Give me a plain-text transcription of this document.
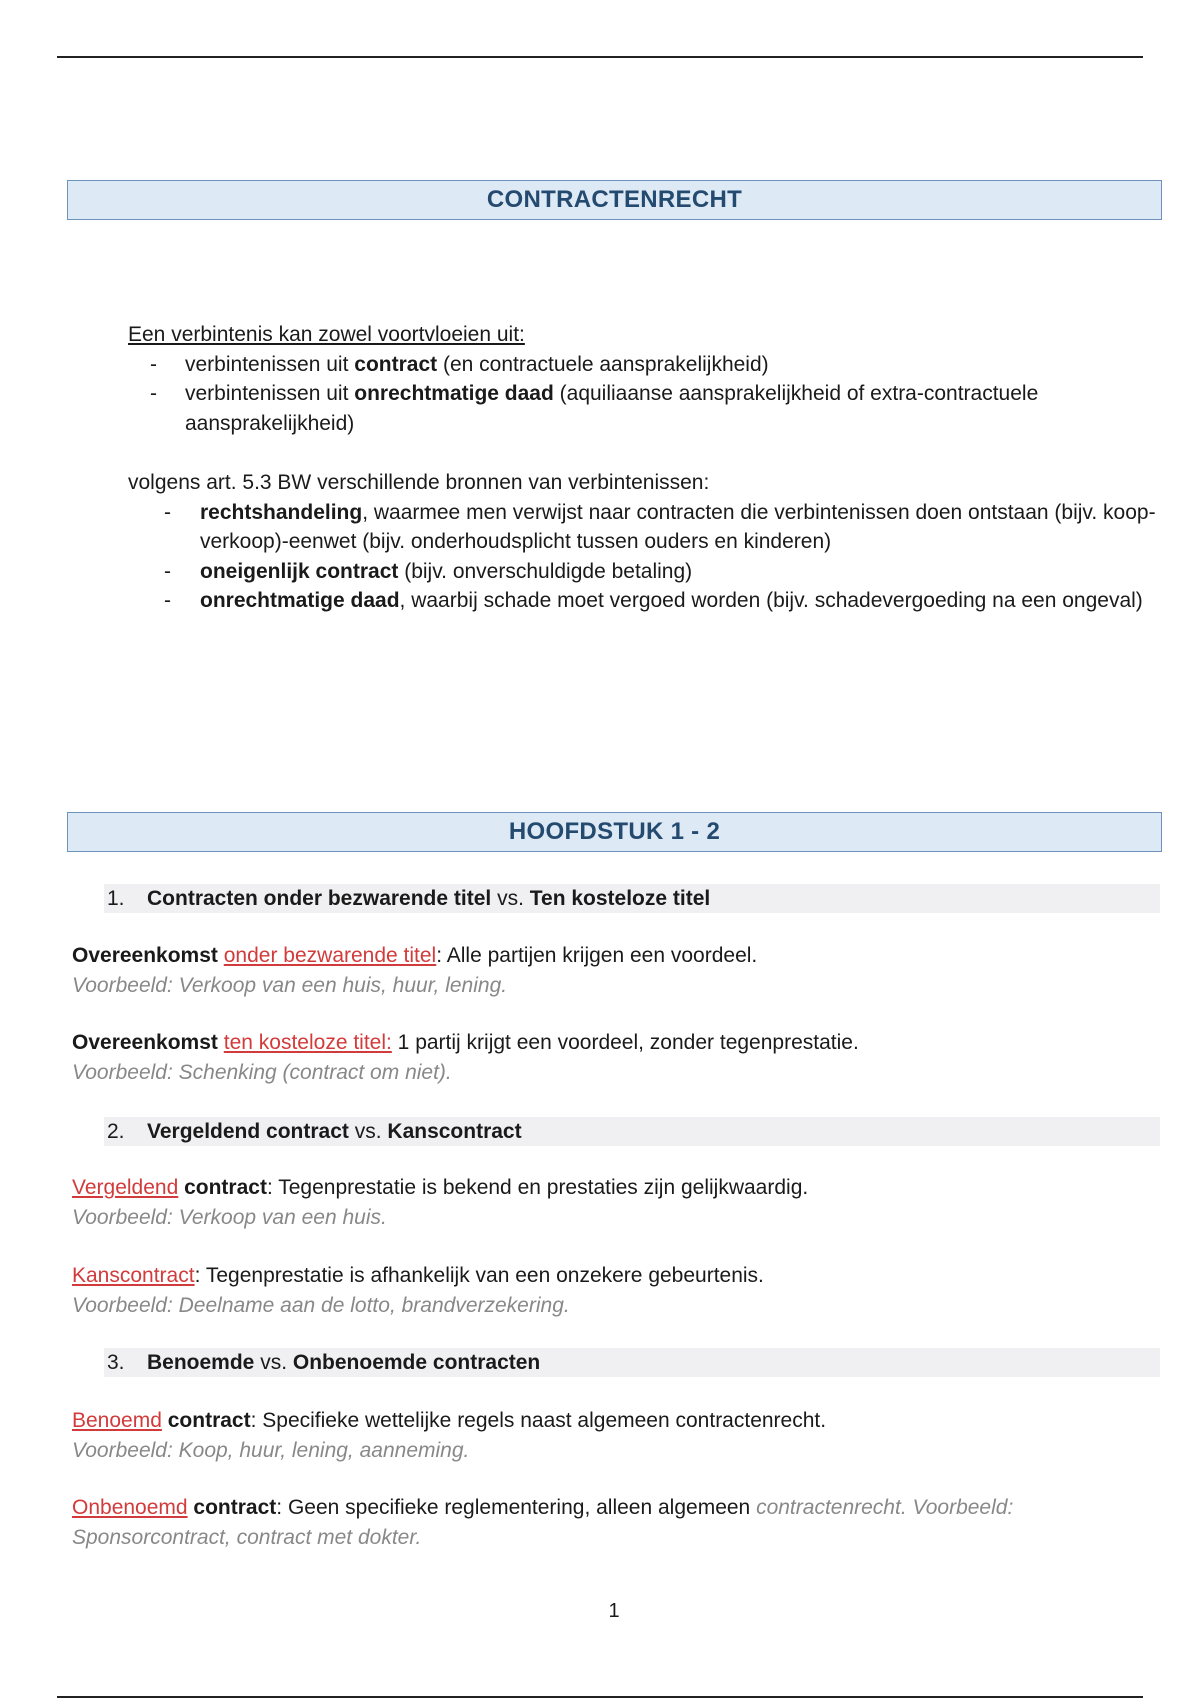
CONTRACTENRECHT
Een verbintenis kan zowel voortvloeien uit:
- verbintenissen uit contract (en contractuele aansprakelijkheid)
- verbintenissen uit onrechtmatige daad (aquiliaanse aansprakelijkheid of extra-contractuele aansprakelijkheid)
volgens art. 5.3 BW verschillende bronnen van verbintenissen:
- rechtshandeling, waarmee men verwijst naar contracten die verbintenissen doen ontstaan (bijv. koop-verkoop)-eenwet (bijv. onderhoudsplicht tussen ouders en kinderen)
- oneigenlijk contract (bijv. onverschuldigde betaling)
- onrechtmatige daad, waarbij schade moet vergoed worden (bijv. schadevergoeding na een ongeval)
HOOFDSTUK 1 - 2
1. Contracten onder bezwarende titel vs. Ten kosteloze titel
Overeenkomst onder bezwarende titel: Alle partijen krijgen een voordeel.
Voorbeeld: Verkoop van een huis, huur, lening.
Overeenkomst ten kosteloze titel: 1 partij krijgt een voordeel, zonder tegenprestatie.
Voorbeeld: Schenking (contract om niet).
2. Vergeldend contract vs. Kanscontract
Vergeldend contract: Tegenprestatie is bekend en prestaties zijn gelijkwaardig.
Voorbeeld: Verkoop van een huis.
Kanscontract: Tegenprestatie is afhankelijk van een onzekere gebeurtenis.
Voorbeeld: Deelname aan de lotto, brandverzekering.
3. Benoemde vs. Onbenoemde contracten
Benoemd contract: Specifieke wettelijke regels naast algemeen contractenrecht.
Voorbeeld: Koop, huur, lening, aanneming.
Onbenoemd contract: Geen specifieke reglementering, alleen algemeen contractenrecht. Voorbeeld: Sponsorcontract, contract met dokter.
1
